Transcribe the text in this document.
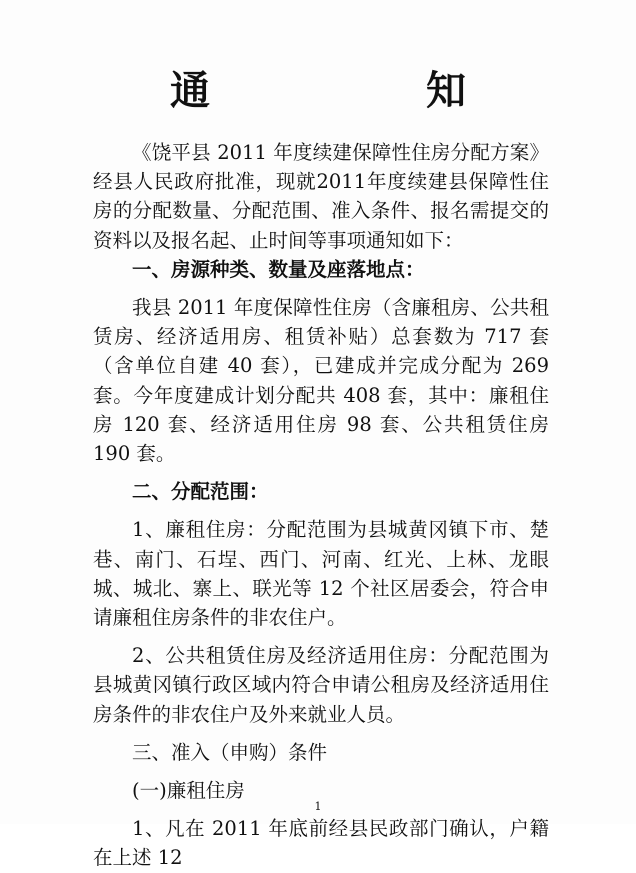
通　知

《饶平县 2011 年度续建保障性住房分配方案》经县人民政府批准，现就2011年度续建县保障性住房的分配数量、分配范围、准入条件、报名需提交的资料以及报名起、止时间等事项通知如下：

一、房源种类、数量及座落地点：

我县 2011 年度保障性住房（含廉租房、公共租赁房、经济适用房、租赁补贴）总套数为 717 套（含单位自建 40 套），已建成并完成分配为 269 套。今年度建成计划分配共 408 套，其中：廉租住房 120 套、经济适用住房 98 套、公共租赁住房 190 套。

二、分配范围：

1、廉租住房：分配范围为县城黄冈镇下市、楚巷、南门、石埕、西门、河南、红光、上林、龙眼城、城北、寨上、联光等 12 个社区居委会，符合申请廉租住房条件的非农住户。

2、公共租赁住房及经济适用住房：分配范围为县城黄冈镇行政区域内符合申请公租房及经济适用住房条件的非农住户及外来就业人员。

三、准入（申购）条件

(一)廉租住房

1、凡在 2011 年底前经县民政部门确认，户籍在上述 12

1
